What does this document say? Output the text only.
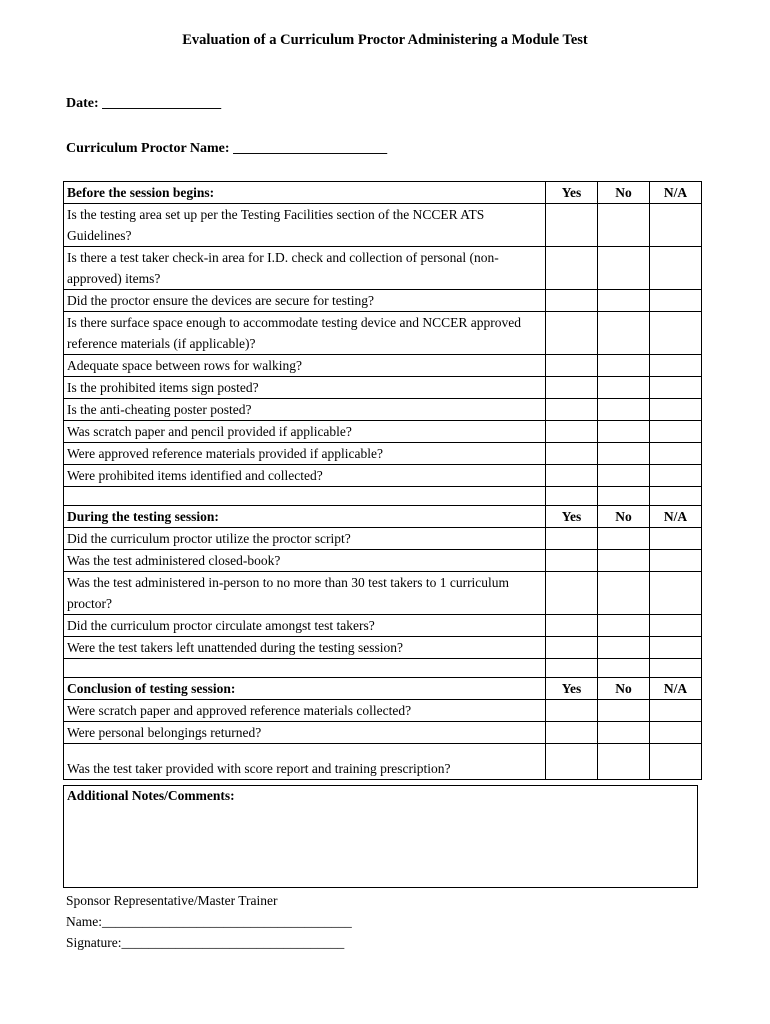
Evaluation of a Curriculum Proctor Administering a Module Test
Date: _________________
Curriculum Proctor Name: ______________________
Before the session begins:	Yes	No	N/A
Is the testing area set up per the Testing Facilities section of the NCCER ATS Guidelines?			
Is there a test taker check-in area for I.D. check and collection of personal (non-approved) items?			
Did the proctor ensure the devices are secure for testing?			
Is there surface space enough to accommodate testing device and NCCER approved reference materials (if applicable)?			
Adequate space between rows for walking?			
Is the prohibited items sign posted?			
Is the anti-cheating poster posted?			
Was scratch paper and pencil provided if applicable?			
Were approved reference materials provided if applicable?			
Were prohibited items identified and collected?			

During the testing session:	Yes	No	N/A
Did the curriculum proctor utilize the proctor script?			
Was the test administered closed-book?			
Was the test administered in-person to no more than 30 test takers to 1 curriculum proctor?			
Did the curriculum proctor circulate amongst test takers?			
Were the test takers left unattended during the testing session?			

Conclusion of testing session:	Yes	No	N/A
Were scratch paper and approved reference materials collected?			
Were personal belongings returned?			
Was the test taker provided with score report and training prescription?			
Additional Notes/Comments:
Sponsor Representative/Master Trainer
Name:_____________________________________
Signature:_________________________________
